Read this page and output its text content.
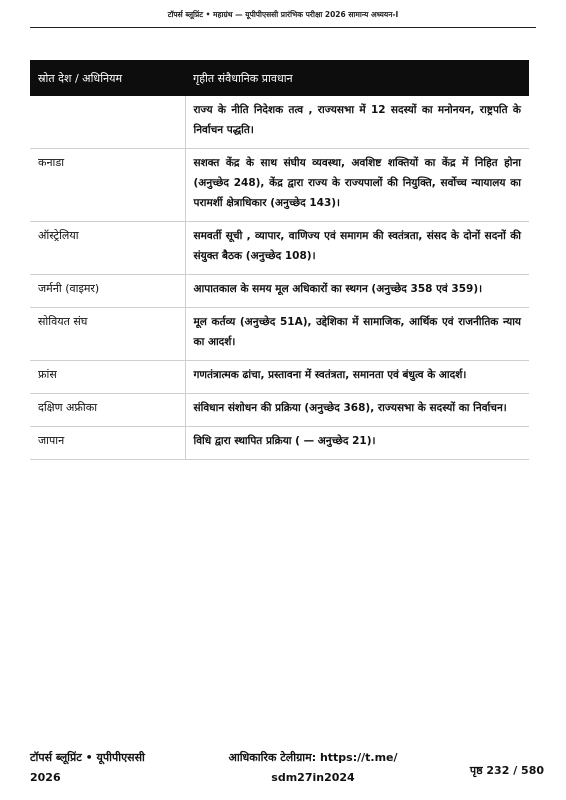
टॉपर्स ब्लूप्रिंट • महाग्रंथ — यूपीपीएससी प्रारंभिक परीक्षा 2026 सामान्य अध्ययन-I
स्रोत देश / अधिनियम	गृहीत संवैधानिक प्रावधान
	राज्य के नीति निदेशक तत्व , राज्यसभा में 12 सदस्यों का मनोनयन, राष्ट्रपति के निर्वाचन पद्धति।
कनाडा	सशक्त केंद्र के साथ संघीय व्यवस्था, अवशिष्ट शक्तियों का केंद्र में निहित होना (अनुच्छेद 248), केंद्र द्वारा राज्य के राज्यपालों की नियुक्ति, सर्वोच्च न्यायालय का परामर्शी क्षेत्राधिकार (अनुच्छेद 143)।
ऑस्ट्रेलिया	समवर्ती सूची , व्यापार, वाणिज्य एवं समागम की स्वतंत्रता, संसद के दोनों सदनों की संयुक्त बैठक (अनुच्छेद 108)।
जर्मनी (वाइमर)	आपातकाल के समय मूल अधिकारों का स्थगन (अनुच्छेद 358 एवं 359)।
सोवियत संघ	मूल कर्तव्य (अनुच्छेद 51A), उद्देशिका में सामाजिक, आर्थिक एवं राजनीतिक न्याय का आदर्श।
फ्रांस	गणतंत्रात्मक ढांचा, प्रस्तावना में स्वतंत्रता, समानता एवं बंधुत्व के आदर्श।
दक्षिण अफ्रीका	संविधान संशोधन की प्रक्रिया (अनुच्छेद 368), राज्यसभा के सदस्यों का निर्वाचन।
जापान	विधि द्वारा स्थापित प्रक्रिया ( — अनुच्छेद 21)।
टॉपर्स ब्लूप्रिंट • यूपीपीएससी
2026
आधिकारिक टेलीग्राम: https://t.me/
sdm27in2024
पृष्ठ 232 / 580
